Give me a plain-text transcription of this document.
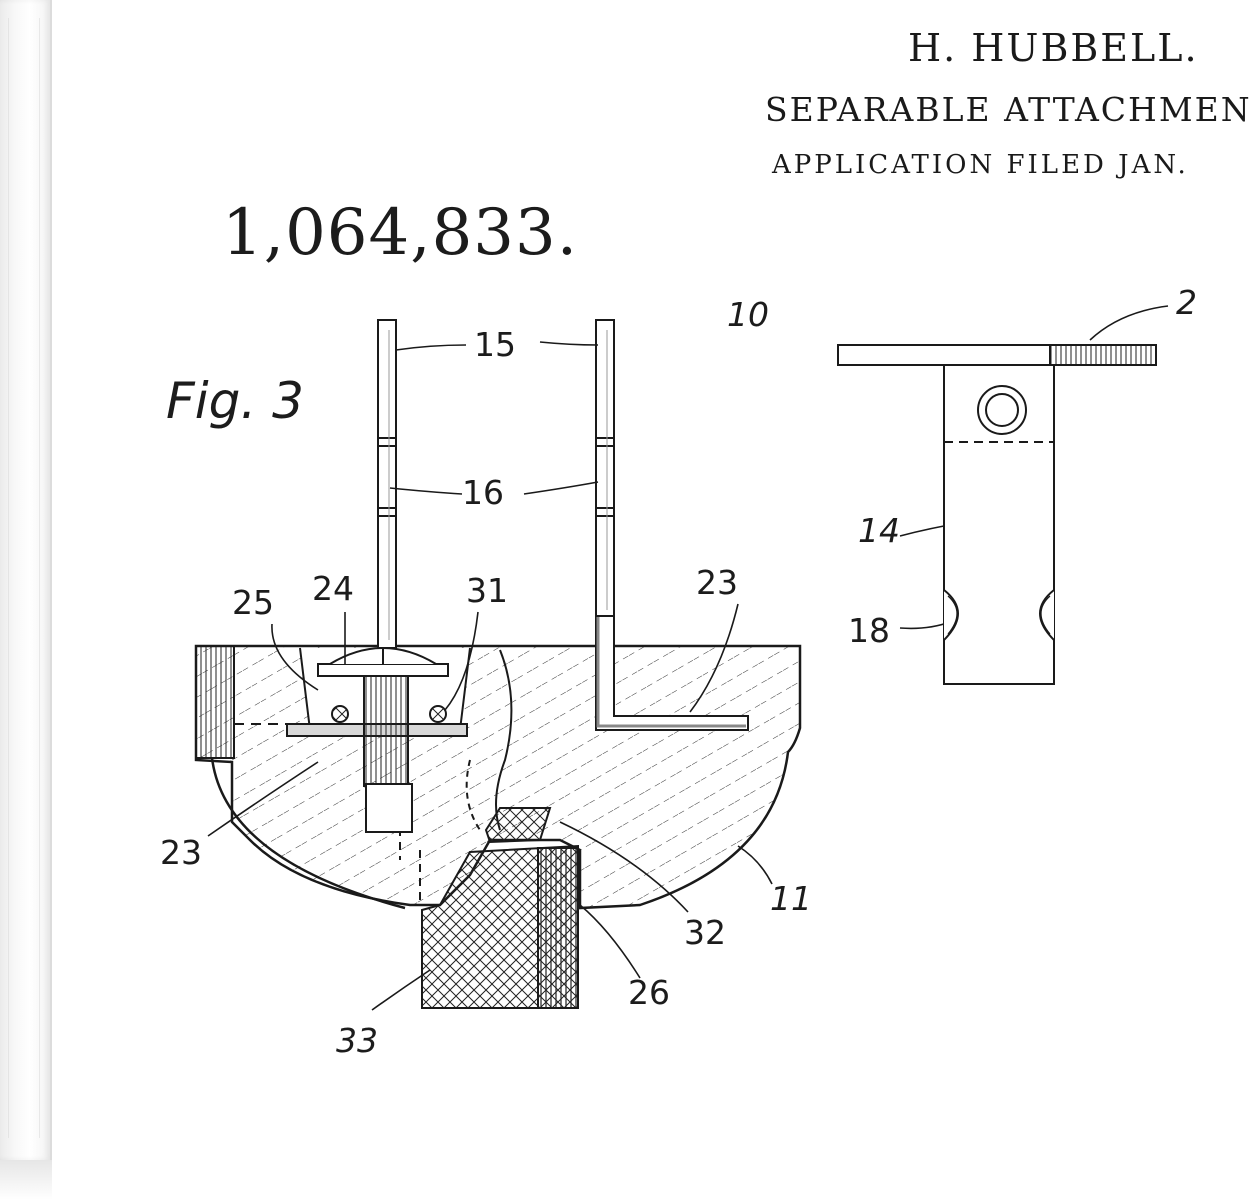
H. HUBBELL.
SEPARABLE ATTACHMEN
APPLICATION FILED JAN.
1,064,833.
Fig. 3
10
15
16
25 24	31	23
23
11
32
26
33
14
18
2
